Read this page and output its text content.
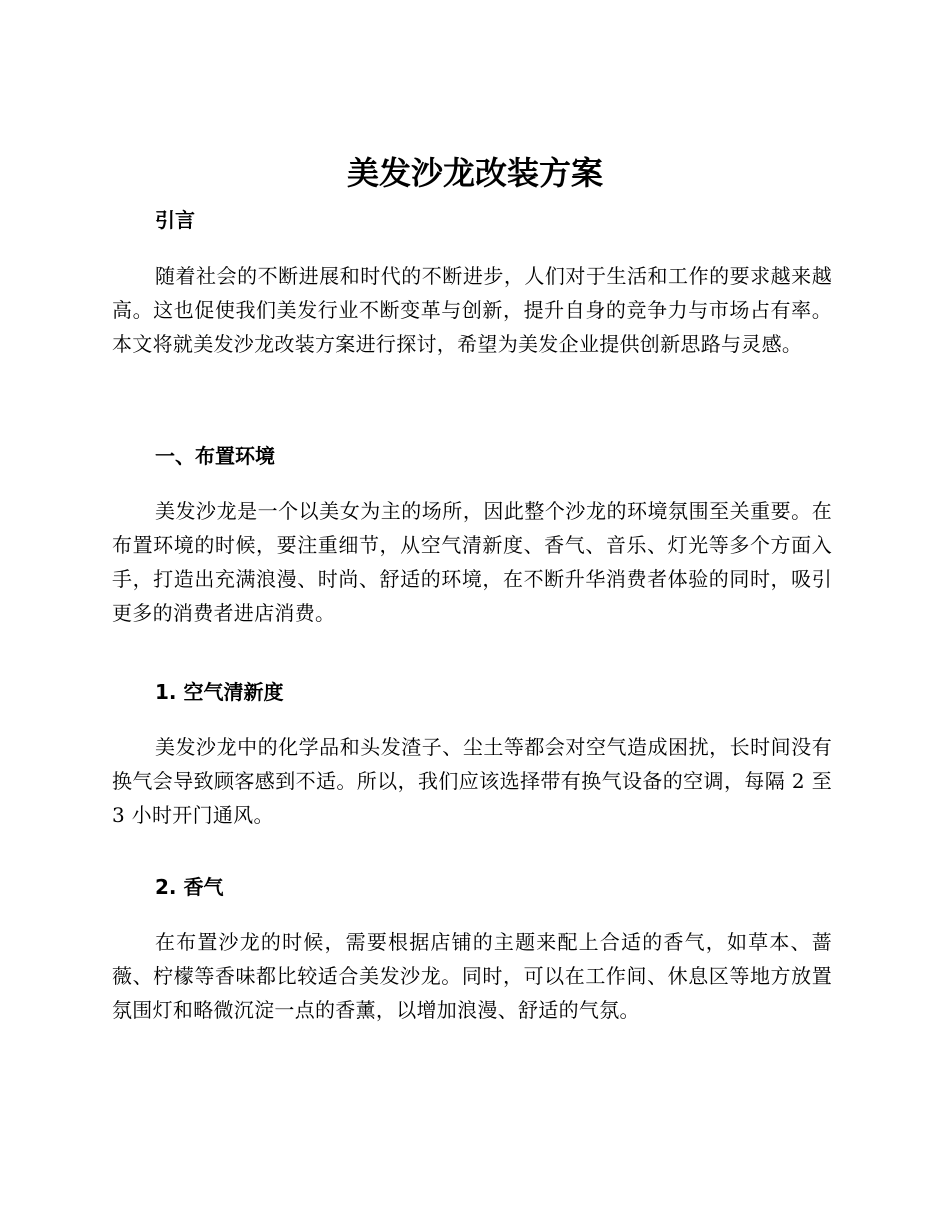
美发沙龙改装方案
引言

随着社会的不断进展和时代的不断进步，人们对于生活和工作的要求越来越高。这也促使我们美发行业不断变革与创新，提升自身的竞争力与市场占有率。本文将就美发沙龙改装方案进行探讨，希望为美发企业提供创新思路与灵感。

一、布置环境

美发沙龙是一个以美女为主的场所，因此整个沙龙的环境氛围至关重要。在布置环境的时候，要注重细节，从空气清新度、香气、音乐、灯光等多个方面入手，打造出充满浪漫、时尚、舒适的环境，在不断升华消费者体验的同时，吸引更多的消费者进店消费。

1. 空气清新度

美发沙龙中的化学品和头发渣子、尘土等都会对空气造成困扰，长时间没有换气会导致顾客感到不适。所以，我们应该选择带有换气设备的空调，每隔 2 至 3 小时开门通风。

2. 香气

在布置沙龙的时候，需要根据店铺的主题来配上合适的香气，如草本、蔷薇、柠檬等香味都比较适合美发沙龙。同时，可以在工作间、休息区等地方放置氛围灯和略微沉淀一点的香薰，以增加浪漫、舒适的气氛。
